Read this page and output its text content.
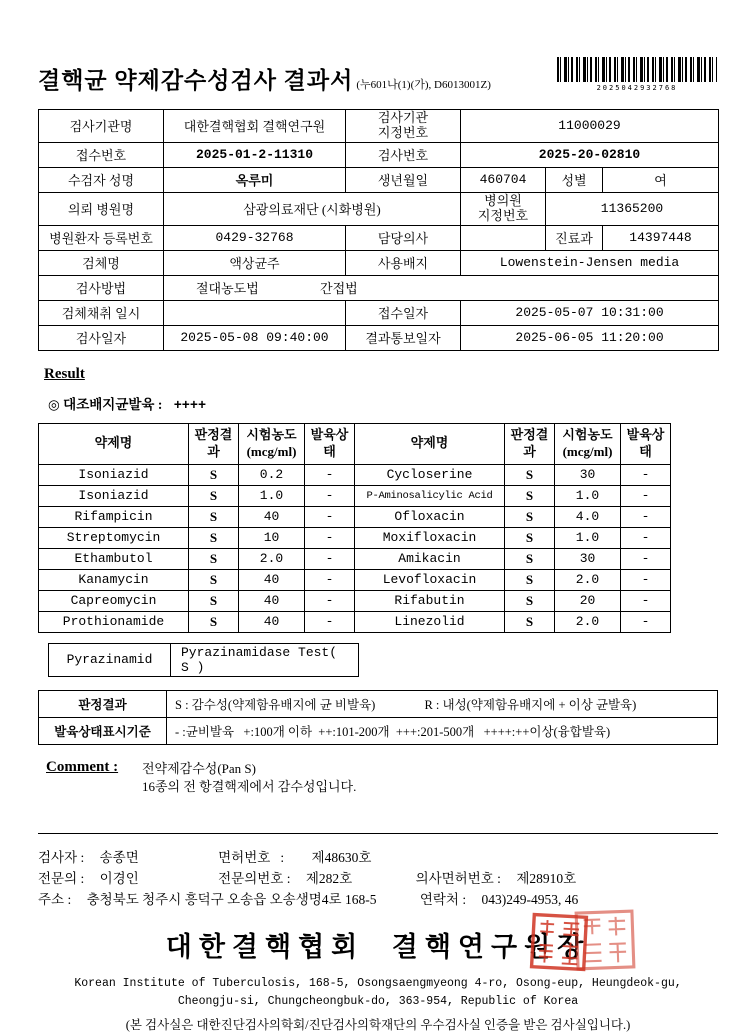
결핵균 약제감수성검사 결과서 (누601나(1)(가), D6013001Z)	2025042932768
검사기관명	대한결핵협회 결핵연구원	검사기관
지정번호	11000029		
접수번호	2025-01-2-11310	검사번호	2025-20-02810		
수검자 성명	옥루미	생년월일	460704	성별	여
의뢰 병원명	삼광의료재단 (시화병원)		병의원
지정번호	11365200	
병원환자 등록번호	0429-32768	담당의사		진료과	14397448
검체명	액상균주	사용배지	Lowenstein-Jensen media		
검사방법	절대농도법 간접법				
검체채취 일시		접수일자	2025-05-07 10:31:00		
검사일자	2025-05-08 09:40:00	결과통보일자	2025-06-05 11:20:00		
Result
◎ 대조배지균발육 : ++++
약제명	판정결과	시험농도 (mcg/ml)	발육상태	약제명	판정결과	시험농도 (mcg/ml)	발육상태
Isoniazid	S	0.2	-	Cycloserine	S	30	-
Isoniazid	S	1.0	-	P-Aminosalicylic Acid	S	1.0	-
Rifampicin	S	40	-	Ofloxacin	S	4.0	-
Streptomycin	S	10	-	Moxifloxacin	S	1.0	-
Ethambutol	S	2.0	-	Amikacin	S	30	-
Kanamycin	S	40	-	Levofloxacin	S	2.0	-
Capreomycin	S	40	-	Rifabutin	S	20	-
Prothionamide	S	40	-	Linezolid	S	2.0	-
Pyrazinamid	Pyrazinamidase Test( S )
판정결과	S : 감수성(약제함유배지에 균 비발육) R : 내성(약제함유배지에 + 이상 균발육)
발육상태표시기준	- :균비발육   +:100개 이하  ++:101-200개  +++:201-500개   ++++:++이상(융합발육)
Comment :	전약제감수성(Pan S)
16종의 전 항결핵제에서 감수성입니다.
검사자 : 송종면	면허번호   : 제48630호
전문의 : 이경인	전문의번호 : 제282호	의사면허번호 : 제28910호
주소 : 충청북도 청주시 흥덕구 오송읍 오송생명4로 168-5	연락처 : 043)249-4953, 46
대한결핵협회  결핵연구원장
Korean Institute of Tuberculosis, 168-5, Osongsaengmyeong 4-ro, Osong-eup, Heungdeok-gu,
Cheongju-si, Chungcheongbuk-do, 363-954, Republic of Korea
(본 검사실은 대한진단검사의학회/진단검사의학재단의 우수검사실 인증을 받은 검사실입니다.)
